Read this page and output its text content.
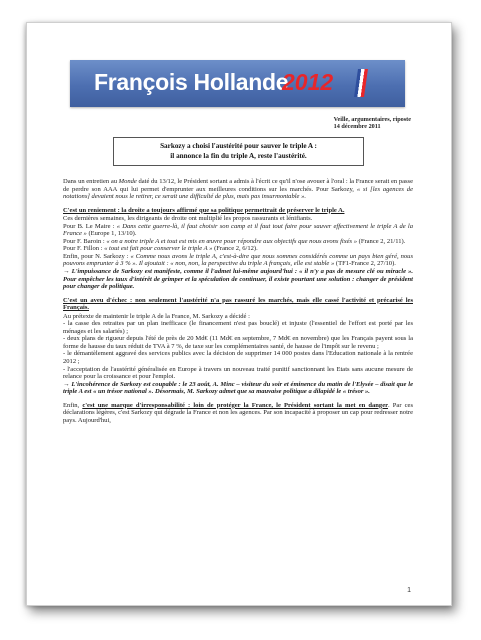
François Hollande
2012
Veille, argumentaires, riposte
14 décembre 2011
Sarkozy a choisi l'austérité pour sauver le triple A :
il annonce la fin du triple A, reste l'austérité.

Dans un entretien au Monde daté du 13/12, le Président sortant a admis à l'écrit ce qu'il n'ose avouer à l'oral : la France serait en passe de perdre son AAA qui lui permet d'emprunter aux meilleures conditions sur les marchés. Pour Sarkozy, « si [les agences de notations] devaient nous le retirer, ce serait une difficulté de plus, mais pas insurmontable ».

C'est un reniement : la droite a toujours affirmé que sa politique permettrait de préserver le triple A.

Ces dernières semaines, les dirigeants de droite ont multiplié les propos rassurants et lénifiants.

Pour B. Le Maire : « Dans cette guerre-là, il faut choisir son camp et il faut tout faire pour sauver effectivement le triple A de la France » (Europe 1, 13/10).

Pour F. Baroin : « on a notre triple A et tout est mis en œuvre pour répondre aux objectifs que nous avons fixés » (France 2, 21/11).

Pour F. Fillon : « tout est fait pour conserver le triple A » (France 2, 6/12).

Enfin, pour N. Sarkozy : « Comme nous avons le triple A, c'est-à-dire que nous sommes considérés comme un pays bien géré, nous pouvons emprunter à 3 % ». Il ajoutait : « non, non, la perspective du triple A français, elle est stable » (TF1-France 2, 27/10).

→ L'impuissance de Sarkozy est manifeste, comme il l'admet lui-même aujourd'hui : « il n'y a pas de mesure clé ou miracle ». Pour empêcher les taux d'intérêt de grimper et la spéculation de continuer, il existe pourtant une solution : changer de président pour changer de politique.

C'est un aveu d'échec : non seulement l'austérité n'a pas rassuré les marchés, mais elle cassé l'activité et précarisé les Français.

Au prétexte de maintenir le triple A de la France, M. Sarkozy a décidé :

- la casse des retraites par un plan inefficace (le financement n'est pas bouclé) et injuste (l'essentiel de l'effort est porté par les ménages et les salariés) ;

- deux plans de rigueur depuis l'été de près de 20 Md€ (11 Md€ en septembre, 7 Md€ en novembre) que les Français payent sous la forme de hausse du taux réduit de TVA à 7 %, de taxe sur les complémentaires santé, de hausse de l'impôt sur le revenu ;

- le démantèlement aggravé des services publics avec la décision de supprimer 14 000 postes dans l'Education nationale à la rentrée 2012 ;

- l'acceptation de l'austérité généralisée en Europe à travers un nouveau traité punitif sanctionnant les Etats sans aucune mesure de relance pour la croissance et pour l'emploi.

→ L'incohérence de Sarkozy est coupable : le 23 août, A. Minc – visiteur du soir et éminence du matin de l'Elysée – disait que le triple A est « un trésor national ». Désormais, M. Sarkozy admet que sa mauvaise politique a dilapidé le « trésor ».

Enfin, c'est une marque d'irresponsabilité : loin de protéger la France, le Président sortant la met en danger. Par ces déclarations légères, c'est Sarkozy qui dégrade la France et non les agences. Par son incapacité à proposer un cap pour redresser notre pays. Aujourd'hui,

1
